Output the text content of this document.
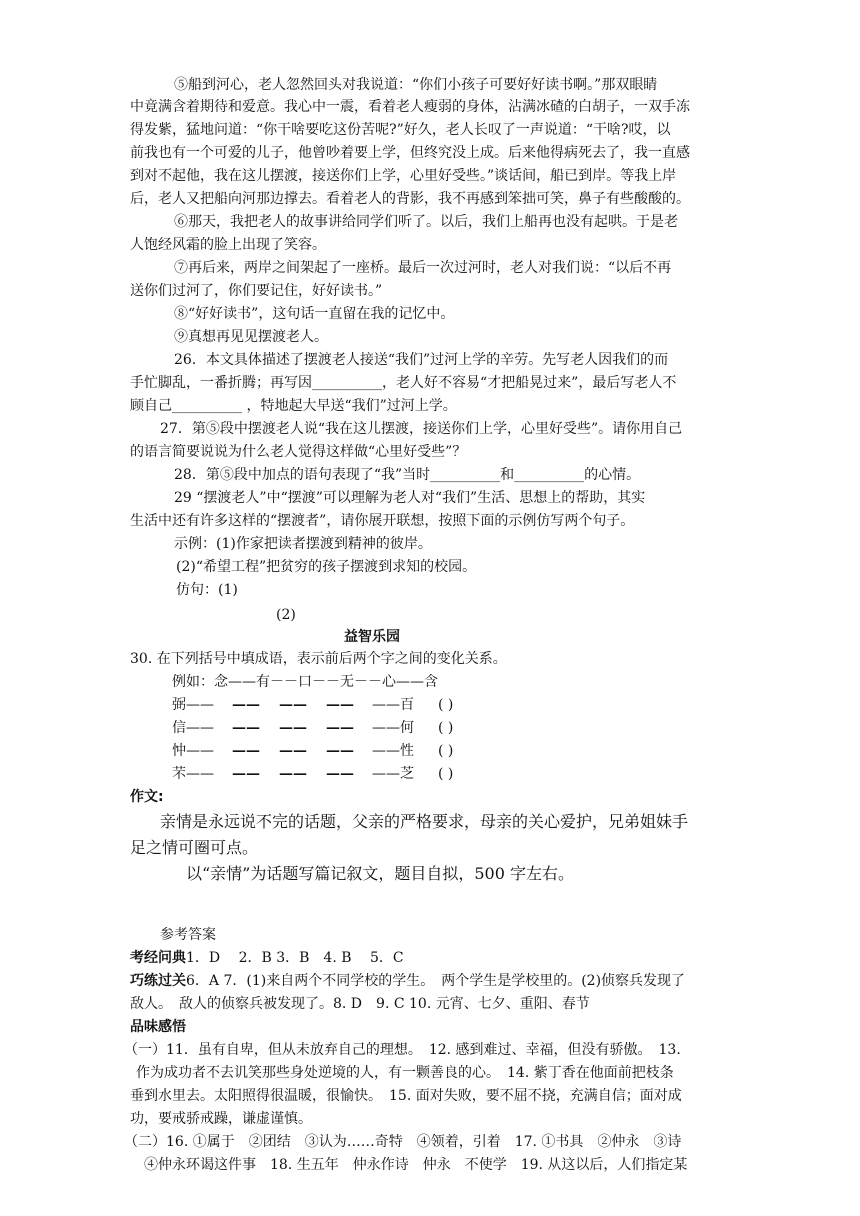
⑤船到河心，老人忽然回头对我说道：“你们小孩子可要好好读书啊。”那双眼睛
中竟满含着期待和爱意。我心中一震，看着老人瘦弱的身体，沾满冰碴的白胡子，一双手冻
得发紫，猛地问道：“你干啥要吃这份苦呢?”好久，老人长叹了一声说道：“干啥?哎，以
前我也有一个可爱的儿子，他曾吵着要上学，但终究没上成。后来他得病死去了，我一直感
到对不起他，我在这儿摆渡，接送你们上学，心里好受些。”谈话间，船已到岸。等我上岸
后，老人又把船向河那边撑去。看着老人的背影，我不再感到笨拙可笑，鼻子有些酸酸的。
⑥那天，我把老人的故事讲给同学们听了。以后，我们上船再也没有起哄。于是老
人饱经风霜的脸上出现了笑容。
⑦再后来，两岸之间架起了一座桥。最后一次过河时，老人对我们说：“以后不再
送你们过河了，你们要记住，好好读书。”
⑧“好好读书”，这句话一直留在我的记忆中。
⑨真想再见见摆渡老人。
26．本文具体描述了摆渡老人接送“我们”过河上学的辛劳。先写老人因我们的而
手忙脚乱，一番折腾；再写因__________，老人好不容易“才把船晃过来”，最后写老人不
顾自己__________ ，特地起大早送“我们”过河上学。
27．第⑤段中摆渡老人说“我在这儿摆渡，接送你们上学，心里好受些”。请你用自己
的语言简要说说为什么老人觉得这样做“心里好受些”？
28．第⑤段中加点的语句表现了“我”当时__________和__________的心情。
29 “摆渡老人”中“摆渡”可以理解为老人对“我们”生活、思想上的帮助，其实
生活中还有许多这样的“摆渡者”，请你展开联想，按照下面的示例仿写两个句子。
示例：(1)作家把读者摆渡到精神的彼岸。
(2)“希望工程”把贫穷的孩子摆渡到求知的校园。
仿句：(1)
(2)
益智乐园
30. 在下列括号中填成语，表示前后两个字之间的变化关系。
例如：念——有－－口－－无－－心——含
弼—— —— —— —— ——百 ( )
信—— —— —— —— ——何 ( )
忡—— —— —— —— ——性 ( )
芣—— —— —— —— ——芝 ( )
作文:
亲情是永远说不完的话题，父亲的严格要求，母亲的关心爱护，兄弟姐妹手
足之情可圈可点。
以“亲情”为话题写篇记叙文，题目自拟，500 字左右。
参考答案
考经问典1．D　 2．B 3．B　4. B　 5．C
巧练过关6．A 7．(1)来自两个不同学校的学生。　两个学生是学校里的。(2)侦察兵发现了
敌人。　敌人的侦察兵被发现了。8. D　9. C 10. 元宵、七夕、重阳、春节
品味感悟
（一）11．虽有自卑，但从未放弃自己的理想。　12. 感到难过、幸福，但没有骄傲。　13.
作为成功者不去讥笑那些身处逆境的人，有一颗善良的心。　14. 紫丁香在他面前把枝条
垂到水里去。太阳照得很温暖，很愉快。　15. 面对失败，要不屈不挠，充满自信；面对成
功，要戒骄戒躁，谦虚谨慎。
（二）16. ①属于　②团结　③认为……奇特　④领着，引着　17. ①书具　②仲永　③诗
④仲永环谒这件事　18. 生五年　仲永作诗　仲永　不使学　19. 从这以后，人们指定某
